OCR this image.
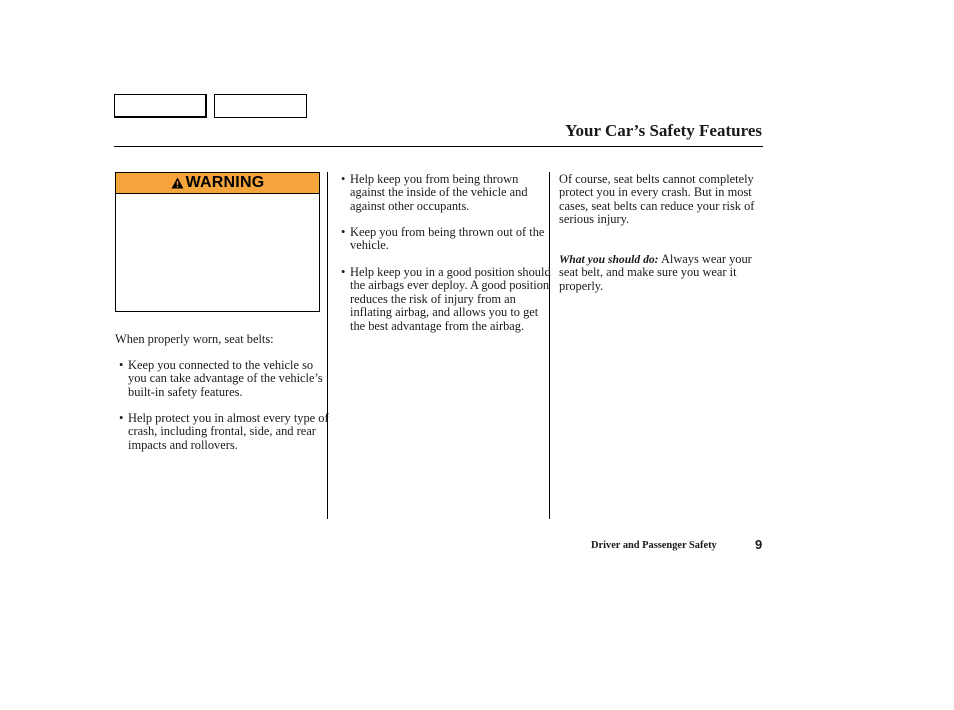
Your Car’s Safety Features
WARNING

When properly worn, seat belts:

• Keep you connected to the vehicle so you can take advantage of the vehicle’s built-in safety features.

• Help protect you in almost every type of crash, including frontal, side, and rear impacts and rollovers.

• Help keep you from being thrown against the inside of the vehicle and against other occupants.

• Keep you from being thrown out of the vehicle.

• Help keep you in a good position should the airbags ever deploy. A good position reduces the risk of injury from an inflating airbag, and allows you to get the best advantage from the airbag.

Of course, seat belts cannot completely protect you in every crash. But in most cases, seat belts can reduce your risk of serious injury.

What you should do: Always wear your seat belt, and make sure you wear it properly.

Driver and Passenger Safety	9
